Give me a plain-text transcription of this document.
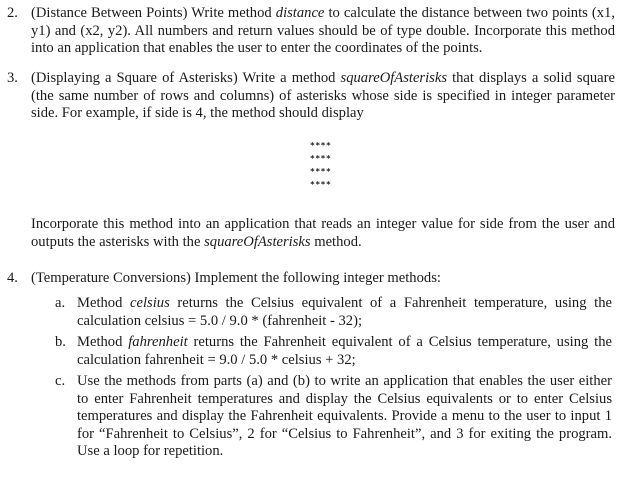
2. (Distance Between Points) Write method distance to calculate the distance between two points (x1, y1) and (x2, y2). All numbers and return values should be of type double. Incorporate this method into an application that enables the user to enter the coordinates of the points.
3. (Displaying a Square of Asterisks) Write a method squareOfAsterisks that displays a solid square (the same number of rows and columns) of asterisks whose side is specified in integer parameter side. For example, if side is 4, the method should display
****
****
****
****
Incorporate this method into an application that reads an integer value for side from the user and outputs the asterisks with the squareOfAsterisks method.
4. (Temperature Conversions) Implement the following integer methods:
a. Method celsius returns the Celsius equivalent of a Fahrenheit temperature, using the calculation celsius = 5.0 / 9.0 * (fahrenheit - 32);
b. Method fahrenheit returns the Fahrenheit equivalent of a Celsius temperature, using the calculation fahrenheit = 9.0 / 5.0 * celsius + 32;
c. Use the methods from parts (a) and (b) to write an application that enables the user either to enter Fahrenheit temperatures and display the Celsius equivalents or to enter Celsius temperatures and display the Fahrenheit equivalents. Provide a menu to the user to input 1 for “Fahrenheit to Celsius”, 2 for “Celsius to Fahrenheit”, and 3 for exiting the program. Use a loop for repetition.
